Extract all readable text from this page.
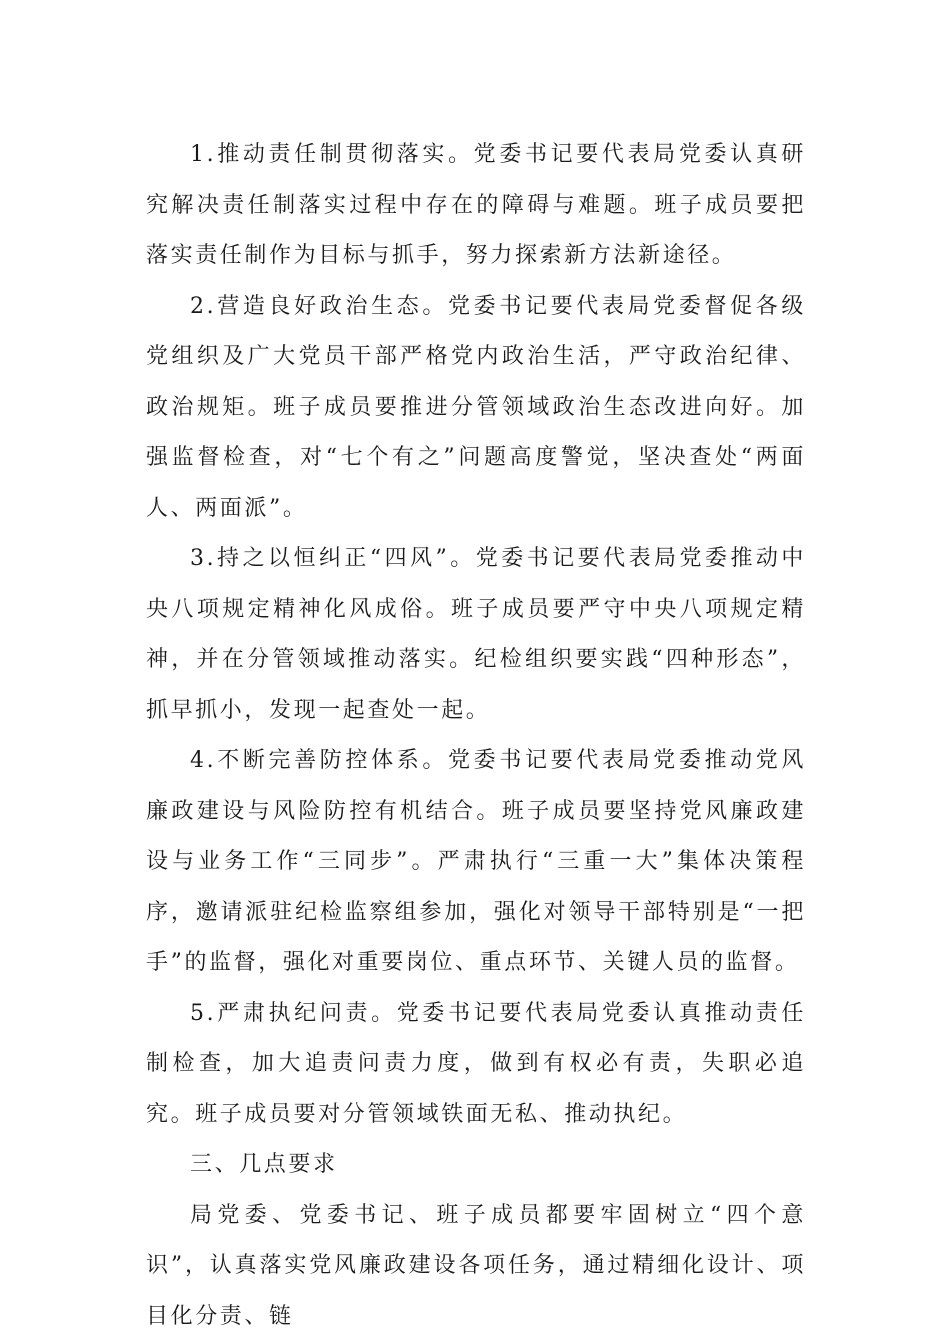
1.推动责任制贯彻落实。党委书记要代表局党委认真研究解决责任制落实过程中存在的障碍与难题。班子成员要把落实责任制作为目标与抓手，努力探索新方法新途径。

2.营造良好政治生态。党委书记要代表局党委督促各级党组织及广大党员干部严格党内政治生活，严守政治纪律、政治规矩。班子成员要推进分管领域政治生态改进向好。加强监督检查，对“七个有之”问题高度警觉，坚决查处“两面人、两面派”。

3.持之以恒纠正“四风”。党委书记要代表局党委推动中央八项规定精神化风成俗。班子成员要严守中央八项规定精神，并在分管领域推动落实。纪检组织要实践“四种形态”，抓早抓小，发现一起查处一起。

4.不断完善防控体系。党委书记要代表局党委推动党风廉政建设与风险防控有机结合。班子成员要坚持党风廉政建设与业务工作“三同步”。严肃执行“三重一大”集体决策程序，邀请派驻纪检监察组参加，强化对领导干部特别是“一把手”的监督，强化对重要岗位、重点环节、关键人员的监督。

5.严肃执纪问责。党委书记要代表局党委认真推动责任制检查，加大追责问责力度，做到有权必有责，失职必追究。班子成员要对分管领域铁面无私、推动执纪。

三、几点要求

局党委、党委书记、班子成员都要牢固树立“四个意识”，认真落实党风廉政建设各项任务，通过精细化设计、项目化分责、链
